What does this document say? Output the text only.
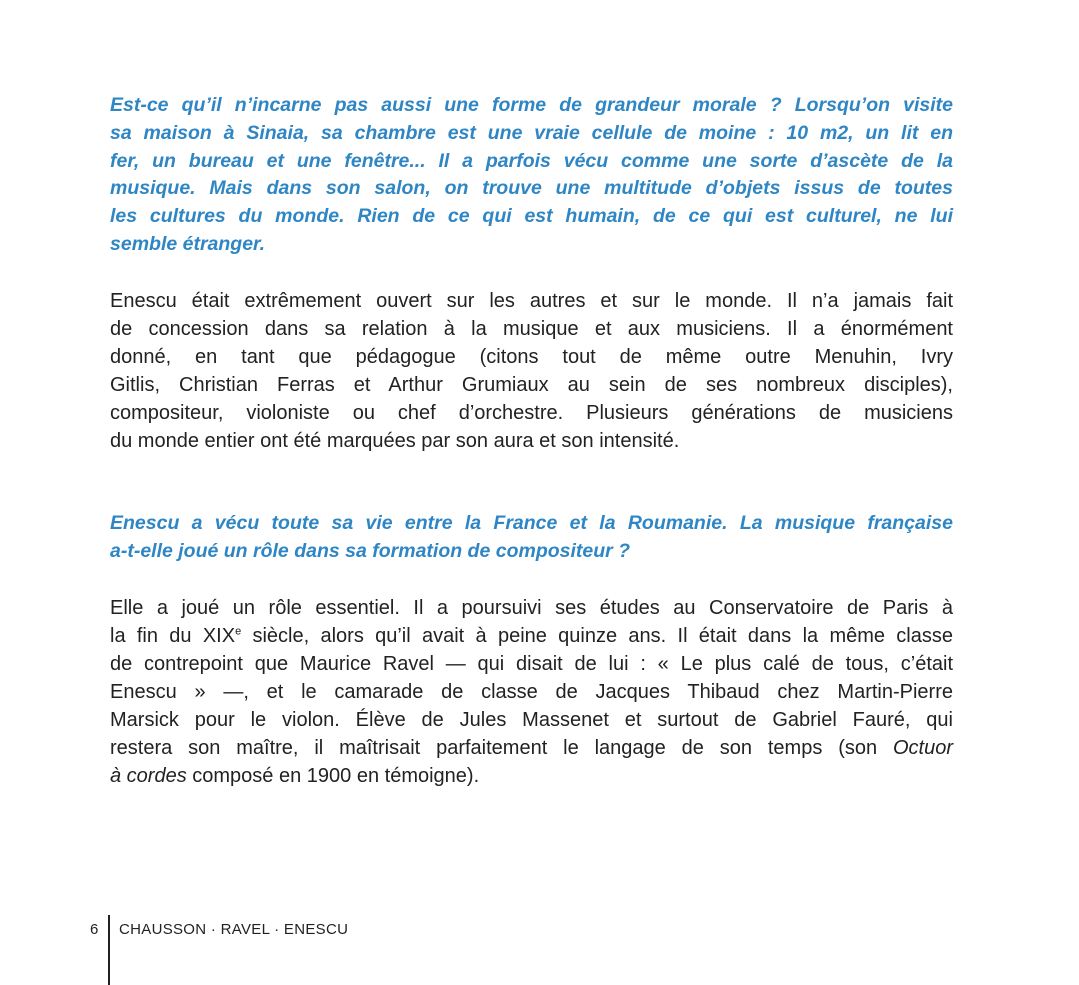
Est-ce qu’il n’incarne pas aussi une forme de grandeur morale ? Lorsqu’on visite
sa maison à Sinaia, sa chambre est une vraie cellule de moine : 10 m2, un lit en
fer, un bureau et une fenêtre... Il a parfois vécu comme une sorte d’ascète de la
musique. Mais dans son salon, on trouve une multitude d’objets issus de toutes
les cultures du monde. Rien de ce qui est humain, de ce qui est culturel, ne lui
semble étranger.

Enescu était extrêmement ouvert sur les autres et sur le monde. Il n’a jamais fait
de concession dans sa relation à la musique et aux musiciens. Il a énormément
donné, en tant que pédagogue (citons tout de même outre Menuhin, Ivry
Gitlis, Christian Ferras et Arthur Grumiaux au sein de ses nombreux disciples),
compositeur, violoniste ou chef d’orchestre. Plusieurs générations de musiciens
du monde entier ont été marquées par son aura et son intensité.

Enescu a vécu toute sa vie entre la France et la Roumanie. La musique française
a-t-elle joué un rôle dans sa formation de compositeur ?

Elle a joué un rôle essentiel. Il a poursuivi ses études au Conservatoire de Paris à
la fin du XIXe siècle, alors qu’il avait à peine quinze ans. Il était dans la même classe
de contrepoint que Maurice Ravel — qui disait de lui : « Le plus calé de tous, c’était
Enescu » —, et le camarade de classe de Jacques Thibaud chez Martin-Pierre
Marsick pour le violon. Élève de Jules Massenet et surtout de Gabriel Fauré, qui
restera son maître, il maîtrisait parfaitement le langage de son temps (son Octuor
à cordes composé en 1900 en témoigne).

6 CHAUSSON · RAVEL · ENESCU
